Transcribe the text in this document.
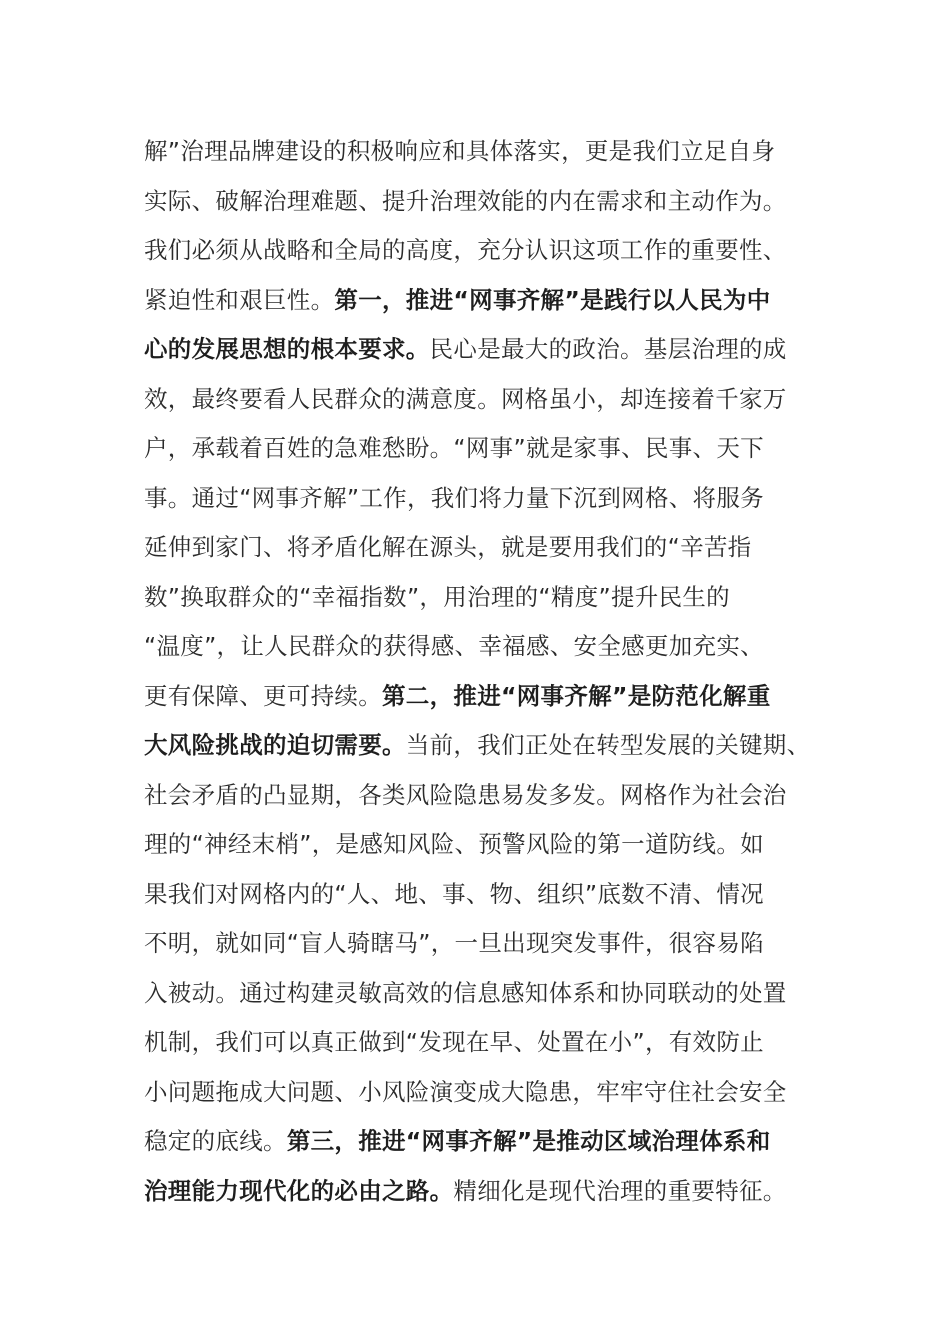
解”治理品牌建设的积极响应和具体落实，更是我们立足自身
实际、破解治理难题、提升治理效能的内在需求和主动作为。
我们必须从战略和全局的高度，充分认识这项工作的重要性、
紧迫性和艰巨性。第一，推进“网事齐解”是践行以人民为中
心的发展思想的根本要求。民心是最大的政治。基层治理的成
效，最终要看人民群众的满意度。网格虽小，却连接着千家万
户，承载着百姓的急难愁盼。“网事”就是家事、民事、天下
事。通过“网事齐解”工作，我们将力量下沉到网格、将服务
延伸到家门、将矛盾化解在源头，就是要用我们的“辛苦指
数”换取群众的“幸福指数”，用治理的“精度”提升民生的
“温度”，让人民群众的获得感、幸福感、安全感更加充实、
更有保障、更可持续。第二，推进“网事齐解”是防范化解重
大风险挑战的迫切需要。当前，我们正处在转型发展的关键期、
社会矛盾的凸显期，各类风险隐患易发多发。网格作为社会治
理的“神经末梢”，是感知风险、预警风险的第一道防线。如
果我们对网格内的“人、地、事、物、组织”底数不清、情况
不明，就如同“盲人骑瞎马”，一旦出现突发事件，很容易陷
入被动。通过构建灵敏高效的信息感知体系和协同联动的处置
机制，我们可以真正做到“发现在早、处置在小”，有效防止
小问题拖成大问题、小风险演变成大隐患，牢牢守住社会安全
稳定的底线。第三，推进“网事齐解”是推动区域治理体系和
治理能力现代化的必由之路。精细化是现代治理的重要特征。
